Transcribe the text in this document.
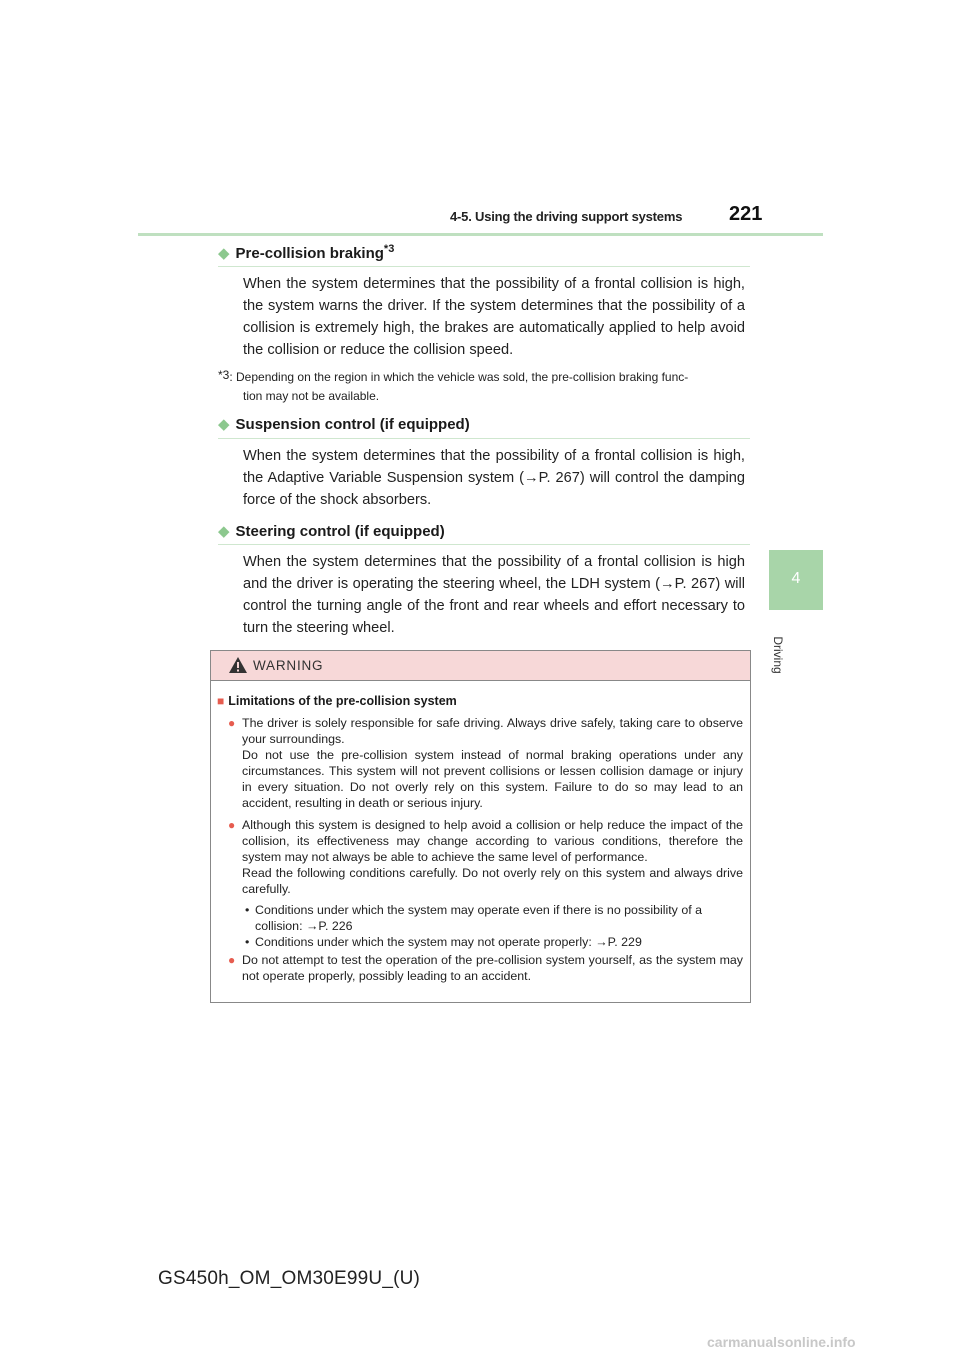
4-5. Using the driving support systems 221
4
Driving
◆ Pre-collision braking$^{*3}$
When the system determines that the possibility of a frontal collision is high, the system warns the driver. If the system determines that the possibility of a collision is extremely high, the brakes are automatically applied to help avoid the collision or reduce the collision speed.
*3: Depending on the region in which the vehicle was sold, the pre-collision braking func-
tion may not be available.
◆ Suspension control (if equipped)
When the system determines that the possibility of a frontal collision is high, the Adaptive Variable Suspension system (→P. 267) will control the damping force of the shock absorbers.
◆ Steering control (if equipped)
When the system determines that the possibility of a frontal collision is high and the driver is operating the steering wheel, the LDH system (→P. 267) will control the turning angle of the front and rear wheels and effort necessary to turn the steering wheel.
WARNING
■ Limitations of the pre-collision system
● The driver is solely responsible for safe driving. Always drive safely, taking care to observe your surroundings.
Do not use the pre-collision system instead of normal braking operations under any circumstances. This system will not prevent collisions or lessen collision damage or injury in every situation. Do not overly rely on this system. Failure to do so may lead to an accident, resulting in death or serious injury.
● Although this system is designed to help avoid a collision or help reduce the impact of the collision, its effectiveness may change according to various conditions, therefore the system may not always be able to achieve the same level of performance.
Read the following conditions carefully. Do not overly rely on this system and always drive carefully.
• Conditions under which the system may operate even if there is no possibility of a collision: →P. 226
• Conditions under which the system may not operate properly: →P. 229
● Do not attempt to test the operation of the pre-collision system yourself, as the system may not operate properly, possibly leading to an accident.
GS450h_OM_OM30E99U_(U)
carmanualsonline.info
